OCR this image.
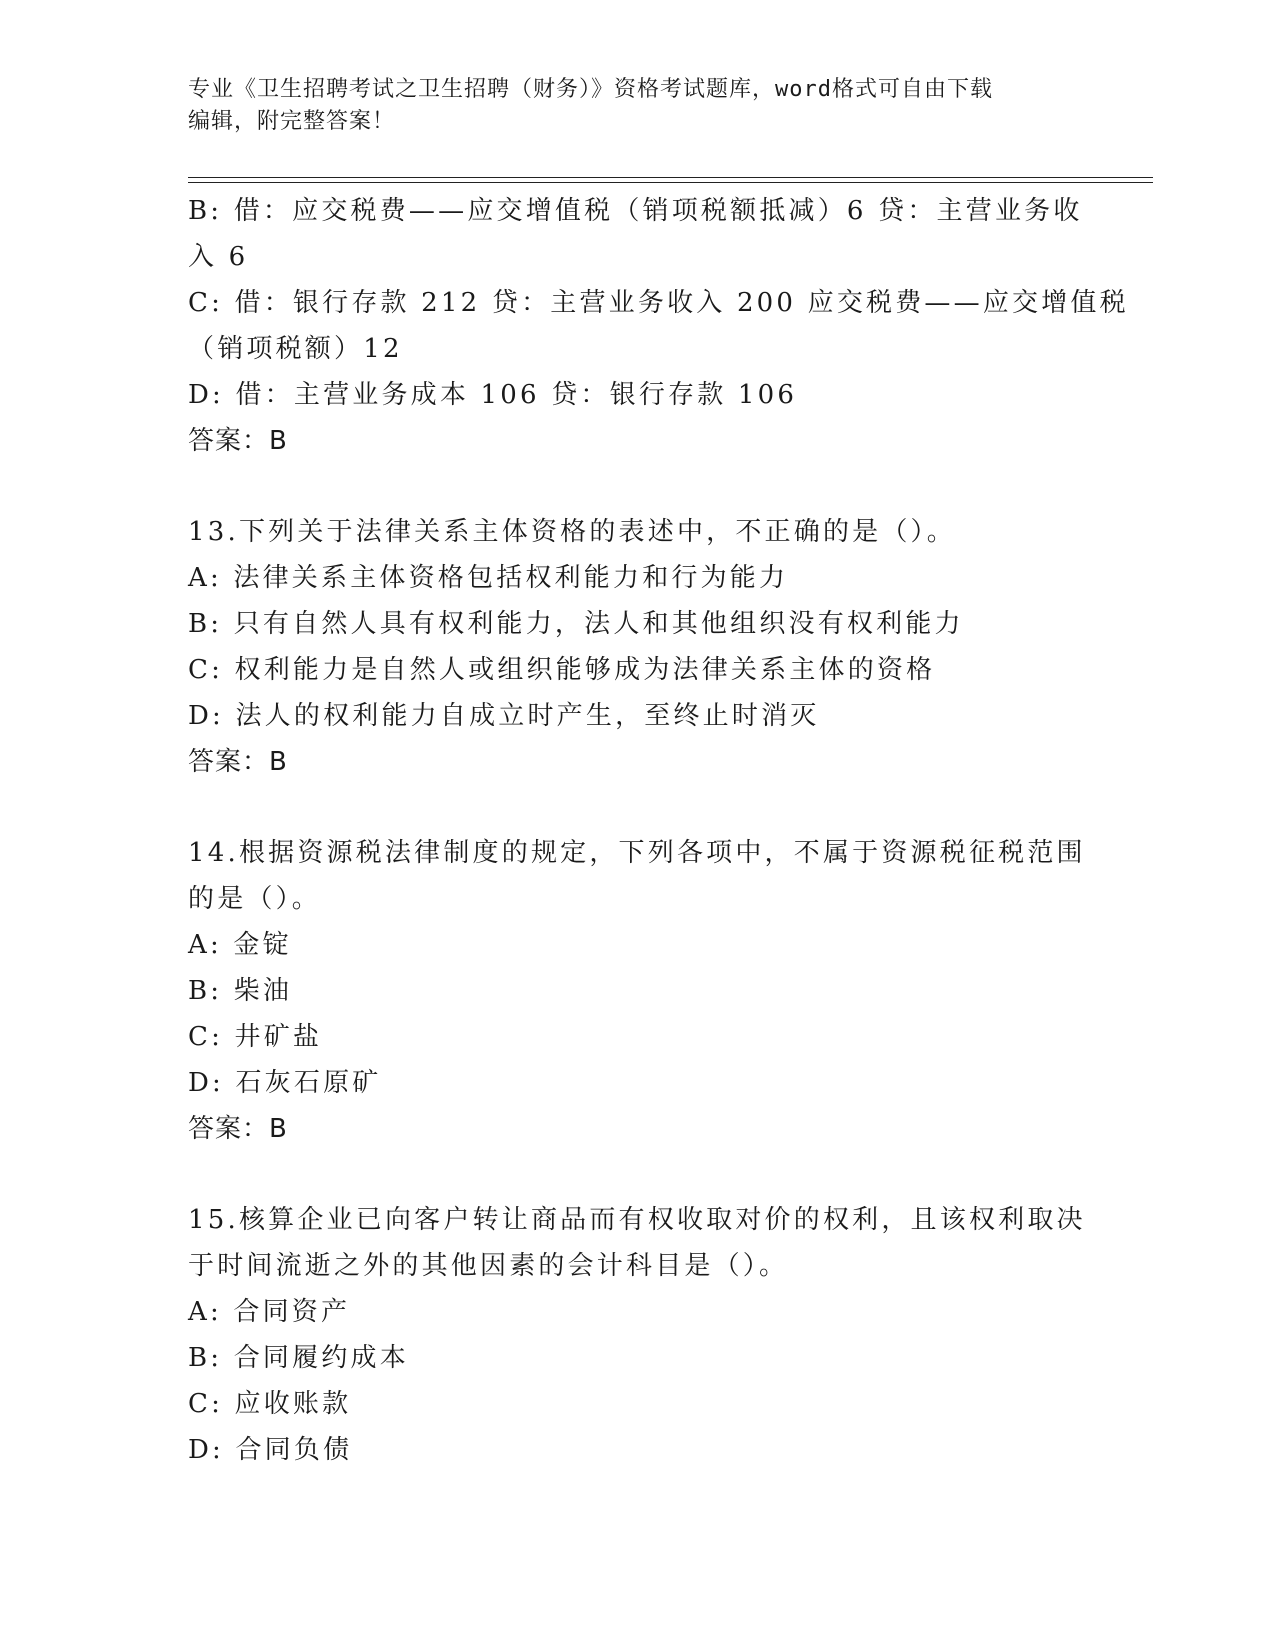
专业《卫生招聘考试之卫生招聘（财务）》资格考试题库，word格式可自由下载
编辑，附完整答案！
B: 借：应交税费——应交增值税（销项税额抵减）6 贷：主营业务收
入 6
C: 借：银行存款 212 贷：主营业务收入 200 应交税费——应交增值税
（销项税额）12
D: 借：主营业务成本 106 贷：银行存款 106
答案：B
13.下列关于法律关系主体资格的表述中，不正确的是（）。
A: 法律关系主体资格包括权利能力和行为能力
B: 只有自然人具有权利能力，法人和其他组织没有权利能力
C: 权利能力是自然人或组织能够成为法律关系主体的资格
D: 法人的权利能力自成立时产生，至终止时消灭
答案：B
14.根据资源税法律制度的规定，下列各项中，不属于资源税征税范围
的是（）。
A: 金锭
B: 柴油
C: 井矿盐
D: 石灰石原矿
答案：B
15.核算企业已向客户转让商品而有权收取对价的权利，且该权利取决
于时间流逝之外的其他因素的会计科目是（）。
A: 合同资产
B: 合同履约成本
C: 应收账款
D: 合同负债
